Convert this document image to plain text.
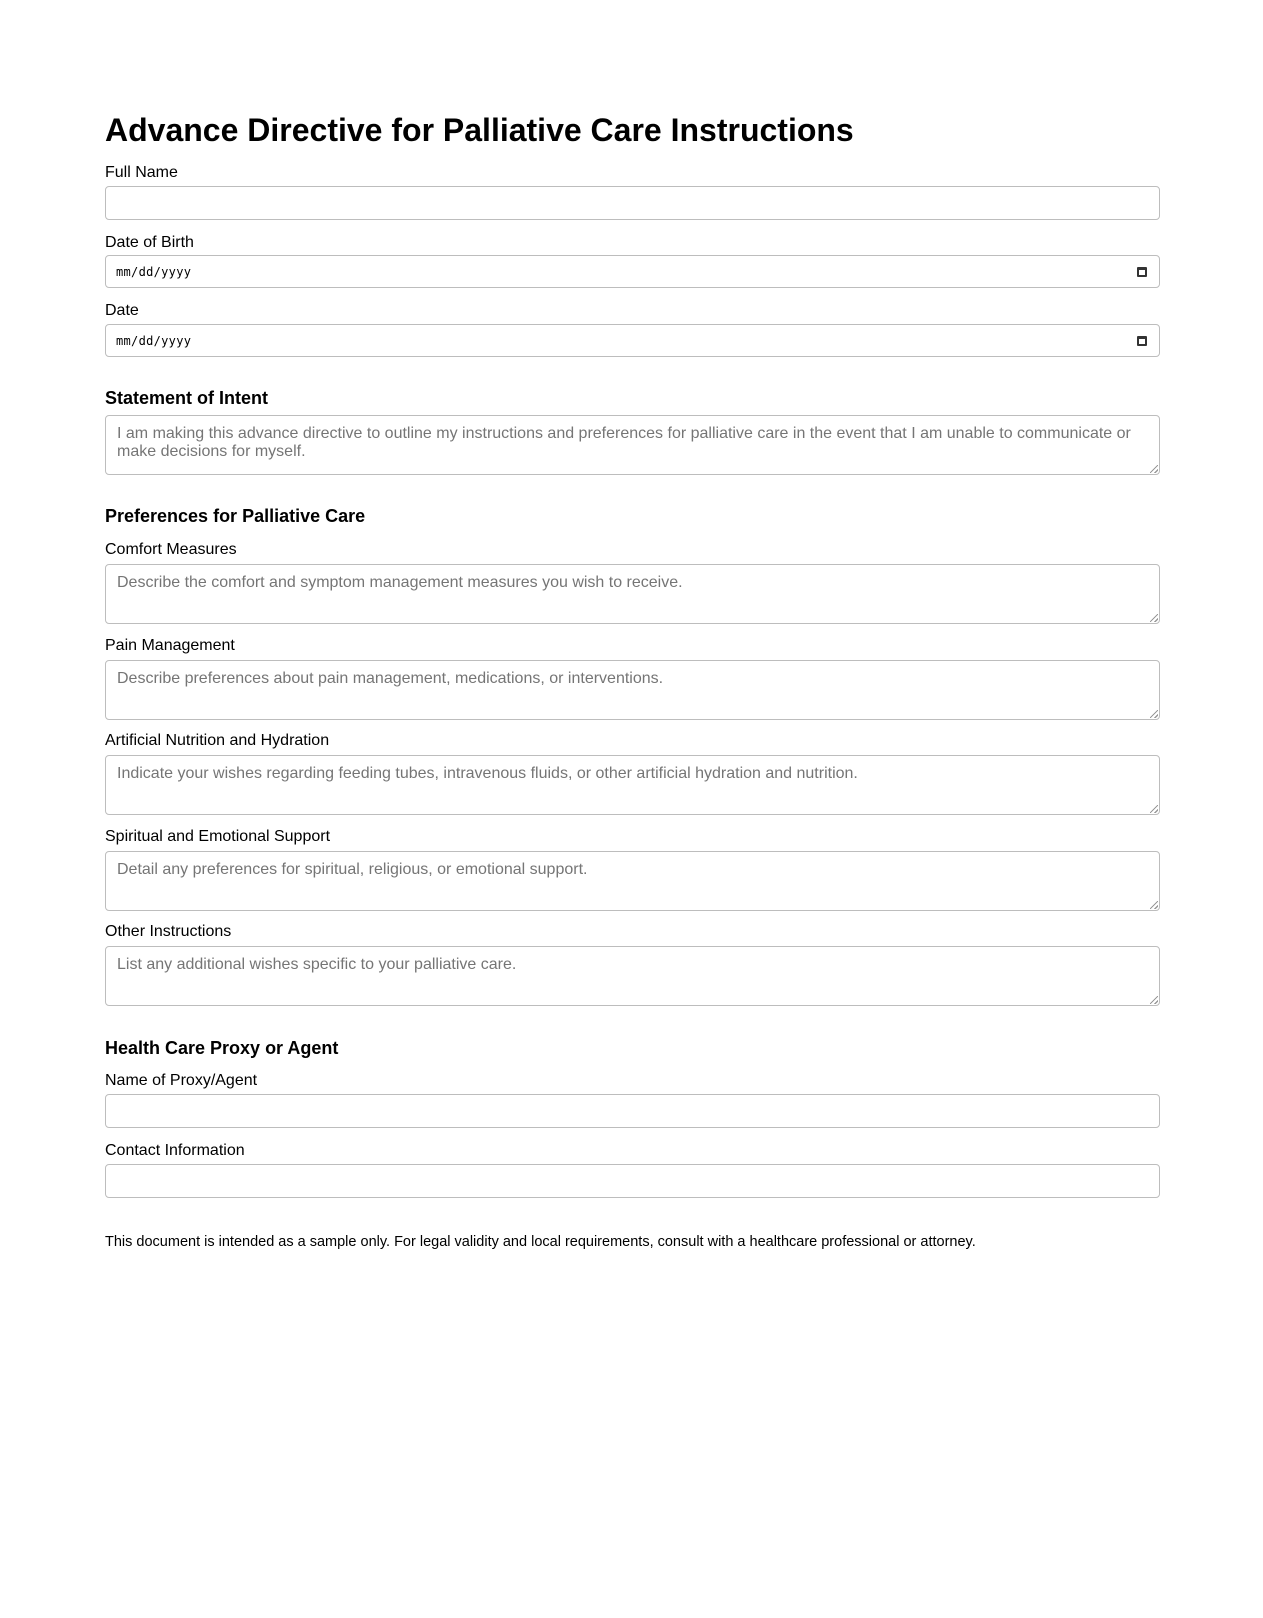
Advance Directive for Palliative Care Instructions
Full Name
Date of Birth
mm/dd/yyyy
Date
mm/dd/yyyy
Statement of Intent
I am making this advance directive to outline my instructions and preferences for palliative care in the event that I am unable to communicate or make decisions for myself.
Preferences for Palliative Care
Comfort Measures
Describe the comfort and symptom management measures you wish to receive.
Pain Management
Describe preferences about pain management, medications, or interventions.
Artificial Nutrition and Hydration
Indicate your wishes regarding feeding tubes, intravenous fluids, or other artificial hydration and nutrition.
Spiritual and Emotional Support
Detail any preferences for spiritual, religious, or emotional support.
Other Instructions
List any additional wishes specific to your palliative care.
Health Care Proxy or Agent
Name of Proxy/Agent
Contact Information
This document is intended as a sample only. For legal validity and local requirements, consult with a healthcare professional or attorney.
